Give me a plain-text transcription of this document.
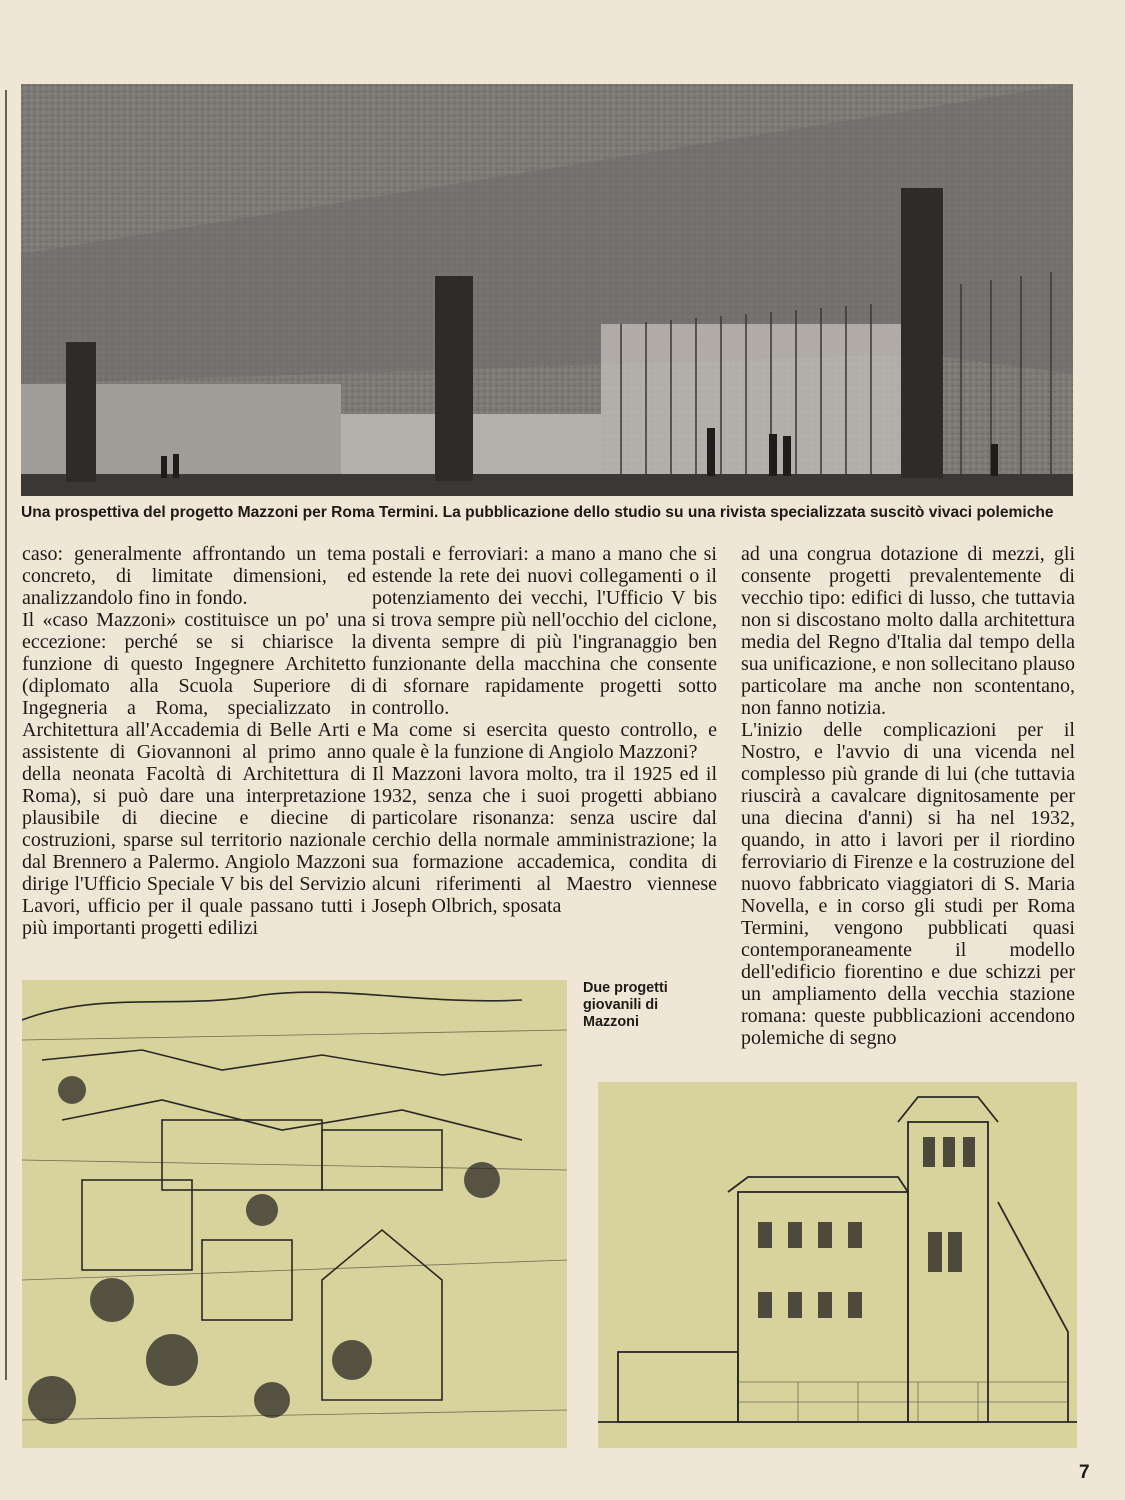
Una prospettiva del progetto Mazzoni per Roma Termini. La pubblicazione dello studio su una rivista specializzata suscitò vivaci polemiche

caso: generalmente affrontando un tema concreto, di limitate dimensioni, ed analizzandolo fino in fondo.

Il «caso Mazzoni» costituisce un po' una eccezione: perché se si chiarisce la funzione di questo Ingegnere Architetto (diplomato alla Scuola Superiore di Ingegneria a Roma, specializzato in Architettura all'Accademia di Belle Arti e assistente di Giovannoni al primo anno della neonata Facoltà di Architettura di Roma), si può dare una interpretazione plausibile di diecine e diecine di costruzioni, sparse sul territorio nazionale dal Brennero a Palermo. Angiolo Mazzoni dirige l'Ufficio Speciale V bis del Servizio Lavori, ufficio per il quale passano tutti i più importanti progetti edilizi

postali e ferroviari: a mano a mano che si estende la rete dei nuovi collegamenti o il potenziamento dei vecchi, l'Ufficio V bis si trova sempre più nell'occhio del ciclone, diventa sempre di più l'ingranaggio ben funzionante della macchina che consente di sfornare rapidamente progetti sotto controllo.

Ma come si esercita questo controllo, e quale è la funzione di Angiolo Mazzoni?

Il Mazzoni lavora molto, tra il 1925 ed il 1932, senza che i suoi progetti abbiano particolare risonanza: senza uscire dal cerchio della normale amministrazione; la sua formazione accademica, condita di alcuni riferimenti al Maestro viennese Joseph Olbrich, sposata

ad una congrua dotazione di mezzi, gli consente progetti prevalentemente di vecchio tipo: edifici di lusso, che tuttavia non si discostano molto dalla architettura media del Regno d'Italia dal tempo della sua unificazione, e non sollecitano plauso particolare ma anche non scontentano, non fanno notizia.

L'inizio delle complicazioni per il Nostro, e l'avvio di una vicenda nel complesso più grande di lui (che tuttavia riuscirà a cavalcare dignitosamente per una diecina d'anni) si ha nel 1932, quando, in atto i lavori per il riordino ferroviario di Firenze e la costruzione del nuovo fabbricato viaggiatori di S. Maria Novella, e in corso gli studi per Roma Termini, vengono pubblicati quasi contemporaneamente il modello dell'edificio fiorentino e due schizzi per un ampliamento della vecchia stazione romana: queste pubblicazioni accendono polemiche di segno

Due progetti
giovanili di
Mazzoni
7
